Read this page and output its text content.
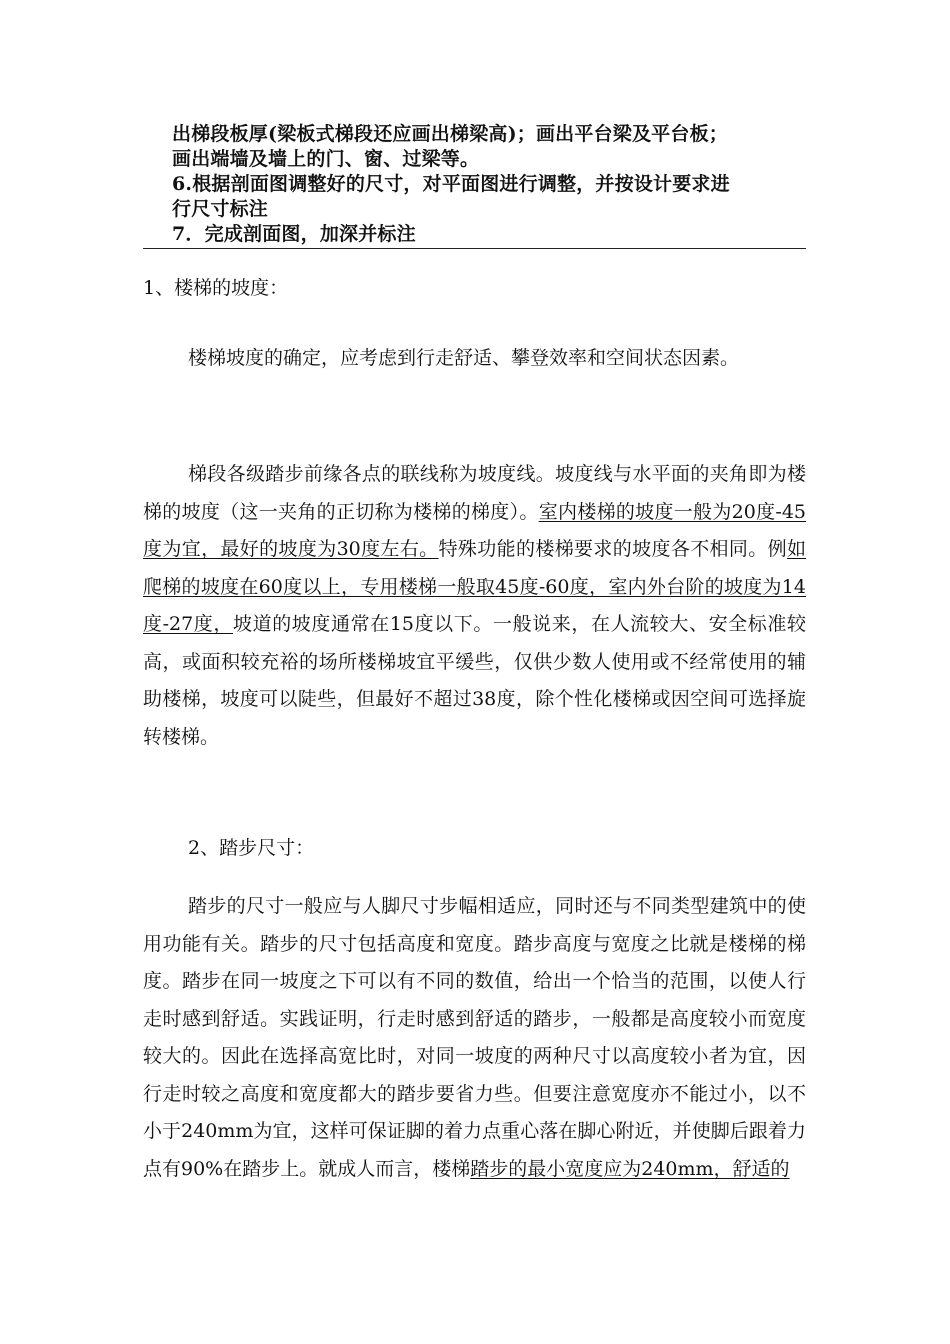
出梯段板厚(梁板式梯段还应画出梯梁高)；画出平台梁及平台板；
画出端墙及墙上的门、窗、过梁等。
6.根据剖面图调整好的尺寸，对平面图进行调整，并按设计要求进
行尺寸标注
7．完成剖面图，加深并标注
1、楼梯的坡度：
楼梯坡度的确定，应考虑到行走舒适、攀登效率和空间状态因素。
梯段各级踏步前缘各点的联线称为坡度线。坡度线与水平面的夹角即为楼梯的坡度（这一夹角的正切称为楼梯的梯度）。室内楼梯的坡度一般为20度-45度为宜，最好的坡度为30度左右。特殊功能的楼梯要求的坡度各不相同。例如爬梯的坡度在60度以上，专用楼梯一般取45度-60度，室内外台阶的坡度为14度-27度，坡道的坡度通常在15度以下。一般说来，在人流较大、安全标准较高，或面积较充裕的场所楼梯坡宜平缓些，仅供少数人使用或不经常使用的辅助楼梯，坡度可以陡些，但最好不超过38度，除个性化楼梯或因空间可选择旋转楼梯。
2、踏步尺寸：
踏步的尺寸一般应与人脚尺寸步幅相适应，同时还与不同类型建筑中的使用功能有关。踏步的尺寸包括高度和宽度。踏步高度与宽度之比就是楼梯的梯度。踏步在同一坡度之下可以有不同的数值，给出一个恰当的范围，以使人行走时感到舒适。实践证明，行走时感到舒适的踏步，一般都是高度较小而宽度较大的。因此在选择高宽比时，对同一坡度的两种尺寸以高度较小者为宜，因行走时较之高度和宽度都大的踏步要省力些。但要注意宽度亦不能过小，以不小于240mm为宜，这样可保证脚的着力点重心落在脚心附近，并使脚后跟着力点有90%在踏步上。就成人而言，楼梯踏步的最小宽度应为240mm，舒适的
